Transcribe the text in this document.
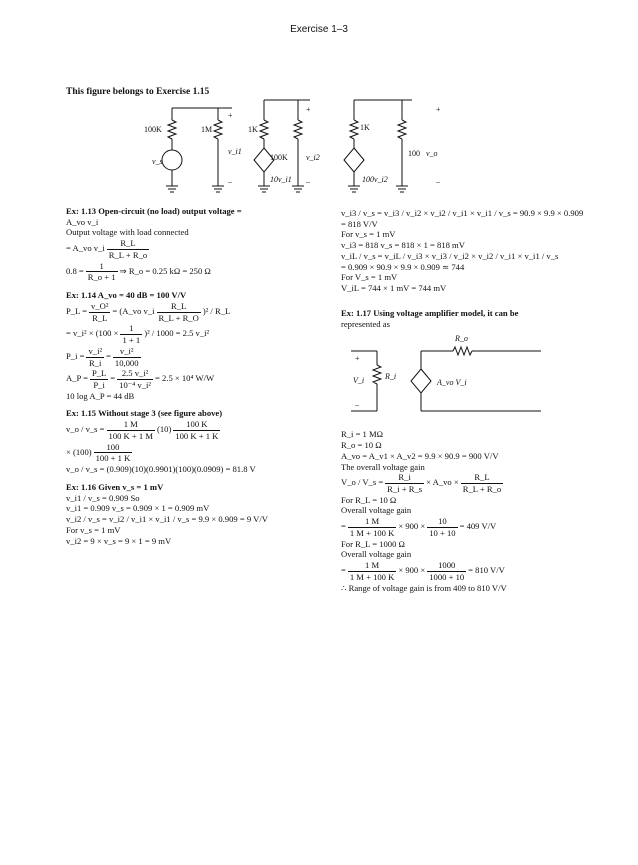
Exercise 1–3
This figure belongs to Exercise 1.15
100K
v_s
1M
+
v_i1
–
1K
10v_i1
100K
+
v_i2
–
1K
100v_i2
100
+
v_o
–
Ex: 1.13 Open-circuit (no load) output voltage =
A_vo v_i
Output voltage with load connected
= A_vo v_i $\frac{R\_L}{R\_L + R\_o}$
$0.8 = \frac{1}{R\_o + 1}$ ⇒ R_o = 0.25 kΩ = 250 Ω
Ex: 1.14 A_vo = 40 dB = 100 V/V
P_L = $\frac{\text{v\_O²}}{R\_L}$ = (A_vo v_i $\frac{R\_L}{R\_L + R\_O} )^2$ / R_L
= v_i² × $(100 \times \frac{1}{1 + 1} )^2 / 1000 = 2.5$ v_i²
P_i = $\frac{\text{v\_i²}}{R\_i} = \frac{\text{v\_i²}}{10,000}$
A_P = $\frac{P\_L}{P\_i} = \frac{\text{2.5 v\_i²}}{\text{10⁻⁴ v\_i²}} = 2.5 \times 10^4$ W/W
10 log A_P = 44 dB
Ex: 1.15 Without stage 3 (see figure above)
v_o / v_s = $\frac{1 M}{100 K + 1 M} (10) \frac{100 K}{100 K + 1 K}$
× $(100) \frac{100}{100 + 1 K}$
v_o / v_s = (0.909)(10)(0.9901)(100)(0.0909) = 81.8 V
Ex: 1.16 Given v_s = 1 mV
v_i1 / v_s = 0.909 So
v_i1 = 0.909 v_s = 0.909 × 1 = 0.909 mV
v_i2 / v_s = v_i2 / v_i1 × v_i1 / v_s = 9.9 × 0.909 = 9 V/V
For v_s = 1 mV
v_i2 = 9 × v_s = 9 × 1 = 9 mV
v_i3 / v_s = v_i3 / v_i2 × v_i2 / v_i1 × v_i1 / v_s = 90.9 × 9.9 × 0.909
= 818 V/V
For v_s = 1 mV
v_i3 = 818 v_s = 818 × 1 = 818 mV
v_iL / v_s = v_iL / v_i3 × v_i3 / v_i2 × v_i2 / v_i1 × v_i1 / v_s
= 0.909 × 90.9 × 9.9 × 0.909 ≃ 744
For V_s = 1 mV
V_iL = 744 × 1 mV = 744 mV
Ex: 1.17 Using voltage amplifier model, it can be
represented as
+
V_i
–
R_i
A_vo V_i
R_o
R_i = 1 MΩ
R_o = 10 Ω
A_vo = A_v1 × A_v2 = 9.9 × 90.9 = 900 V/V
The overall voltage gain
V_o / V_s = $\frac{R\_i}{R\_i + R\_s}$ × A_vo × $\frac{R\_L}{R\_L + R\_o}$
For R_L = 10 Ω
Overall voltage gain
= $\frac{1 M}{1 M + 100 K} \times 900 \times \frac{10}{10 + 10} = 409$ V/V
For R_L = 1000 Ω
Overall voltage gain
= $\frac{1 M}{1 M + 100 K} \times 900 \times \frac{1000}{1000 + 10} = 810$ V/V
∴ Range of voltage gain is from 409 to 810 V/V
